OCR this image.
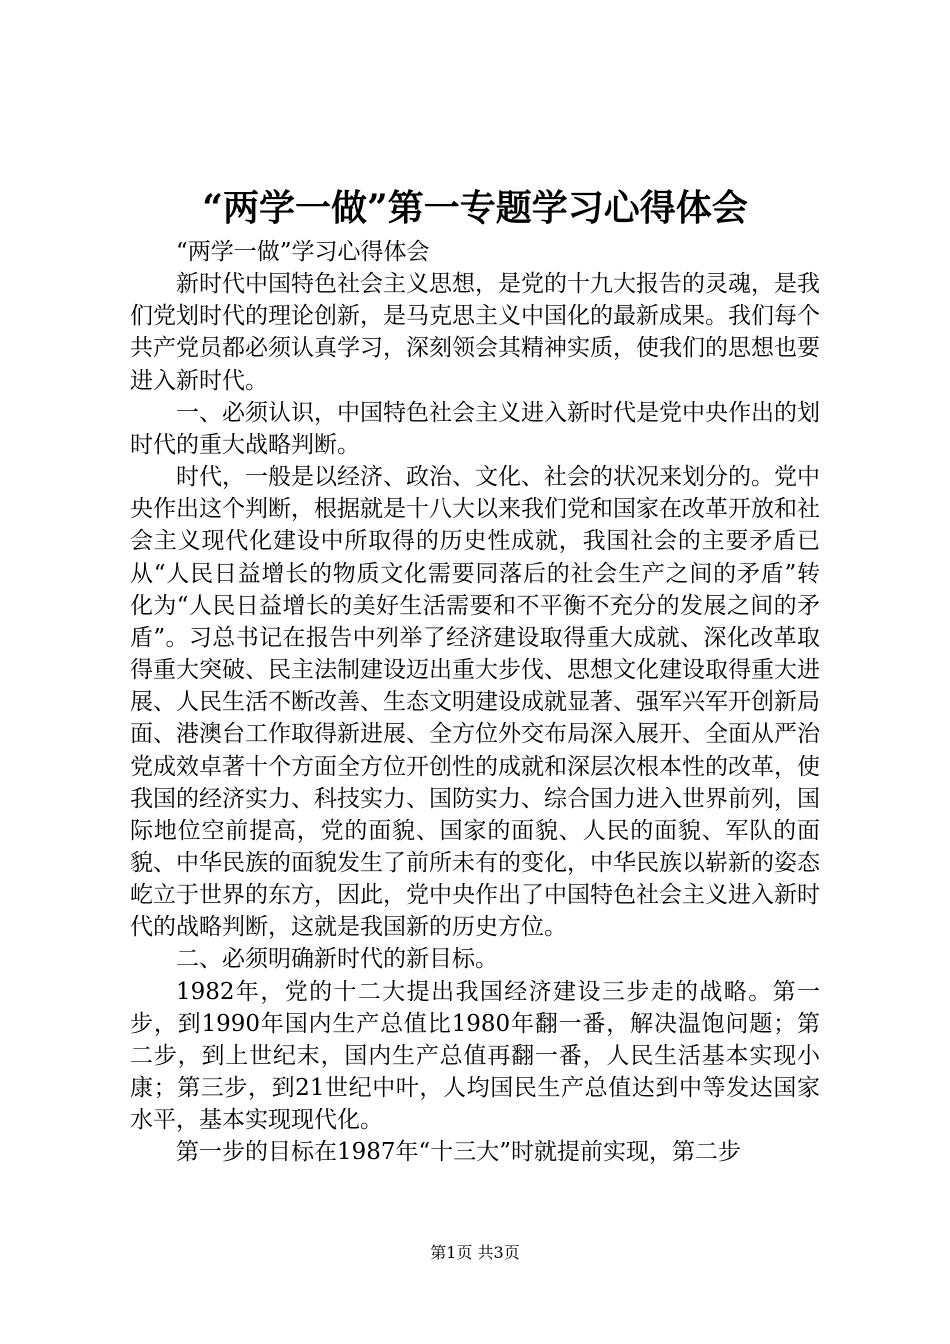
“两学一做”第一专题学习心得体会

“两学一做”学习心得体会

新时代中国特色社会主义思想，是党的十九大报告的灵魂，是我们党划时代的理论创新，是马克思主义中国化的最新成果。我们每个共产党员都必须认真学习，深刻领会其精神实质，使我们的思想也要进入新时代。

一、必须认识，中国特色社会主义进入新时代是党中央作出的划时代的重大战略判断。

时代，一般是以经济、政治、文化、社会的状况来划分的。党中央作出这个判断，根据就是十八大以来我们党和国家在改革开放和社会主义现代化建设中所取得的历史性成就，我国社会的主要矛盾已从“人民日益增长的物质文化需要同落后的社会生产之间的矛盾”转化为“人民日益增长的美好生活需要和不平衡不充分的发展之间的矛盾”。习总书记在报告中列举了经济建设取得重大成就、深化改革取得重大突破、民主法制建设迈出重大步伐、思想文化建设取得重大进展、人民生活不断改善、生态文明建设成就显著、强军兴军开创新局面、港澳台工作取得新进展、全方位外交布局深入展开、全面从严治党成效卓著十个方面全方位开创性的成就和深层次根本性的改革，使我国的经济实力、科技实力、国防实力、综合国力进入世界前列，国际地位空前提高，党的面貌、国家的面貌、人民的面貌、军队的面貌、中华民族的面貌发生了前所未有的变化，中华民族以崭新的姿态屹立于世界的东方，因此，党中央作出了中国特色社会主义进入新时代的战略判断，这就是我国新的历史方位。

二、必须明确新时代的新目标。

1982年，党的十二大提出我国经济建设三步走的战略。第一步，到1990年国内生产总值比1980年翻一番，解决温饱问题；第二步，到上世纪末，国内生产总值再翻一番，人民生活基本实现小康；第三步，到21世纪中叶，人均国民生产总值达到中等发达国家水平，基本实现现代化。

第一步的目标在1987年“十三大”时就提前实现，第二步

第1页 共3页
